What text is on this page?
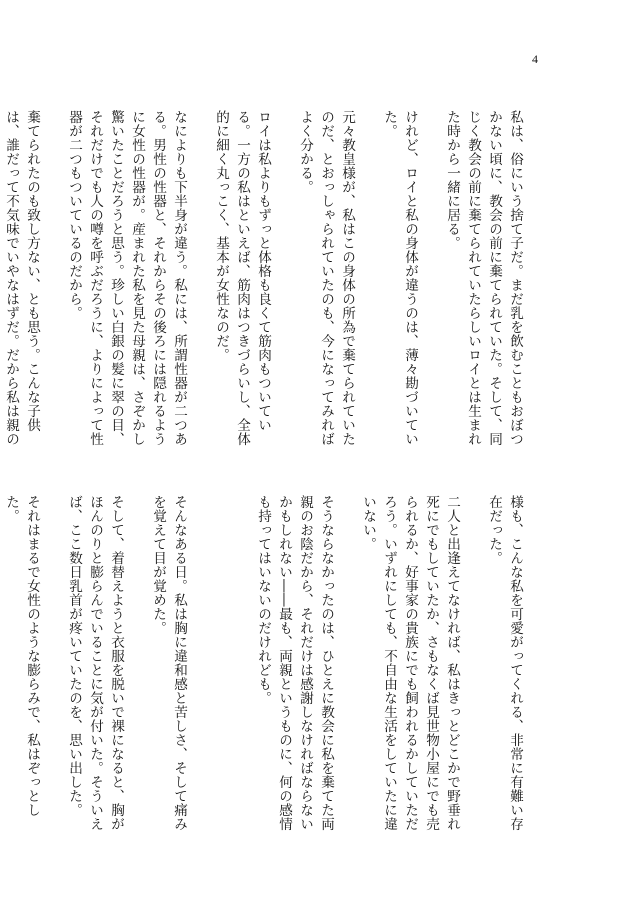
4

私は、俗にいう捨て子だ。まだ乳を飲むこともおぼつかない頃に、教会の前に棄てられていた。そして、同じく教会の前に棄てられていたらしいロイとは生まれた時から一緒に居る。

けれど、ロイと私の身体が違うのは、薄々勘づいていた。

元々教皇様が、私はこの身体の所為で棄てられていたのだ、とおっしゃられていたのも、今になってみればよく分かる。

ロイは私よりもずっと体格も良くて筋肉もついている。一方の私はといえば、筋肉はつきづらいし、全体的に細く丸っこく、基本が女性なのだ。

なによりも下半身が違う。私には、所謂性器が二つある。男性の性器と、それからその後ろには隠れるように女性の性器が。産まれた私を見た母親は、さぞかし驚いたことだろうと思う。珍しい白銀の髪に翠の目、それだけでも人の噂を呼ぶだろうに、よりによって性器が二つもついているのだから。

棄てられたのも致し方ない、とも思う。こんな子供は、誰だって不気味でいやなはずだ。だから私は親の

様も、こんな私を可愛がってくれる、非常に有難い存在だった。

二人と出逢えてなければ、私はきっとどこかで野垂れ死にでもしていたか、さもなくば見世物小屋にでも売られるか、好事家の貴族にでも飼われるかしていただろう。いずれにしても、不自由な生活をしていたに違いない。

そうならなかったのは、ひとえに教会に私を棄てた両親のお陰だから、それだけは感謝しなければならないかもしれない――最も、両親というものに、何の感情も持ってはいないのだけれども。

そんなある日。私は胸に違和感と苦しさ、そして痛みを覚えて目が覚めた。

そして、着替えようと衣服を脱いで裸になると、胸がほんのりと膨らんでいることに気が付いた。そういえば、ここ数日乳首が疼いていたのを、思い出した。

それはまるで女性のような膨らみで、私はぞっとした。
